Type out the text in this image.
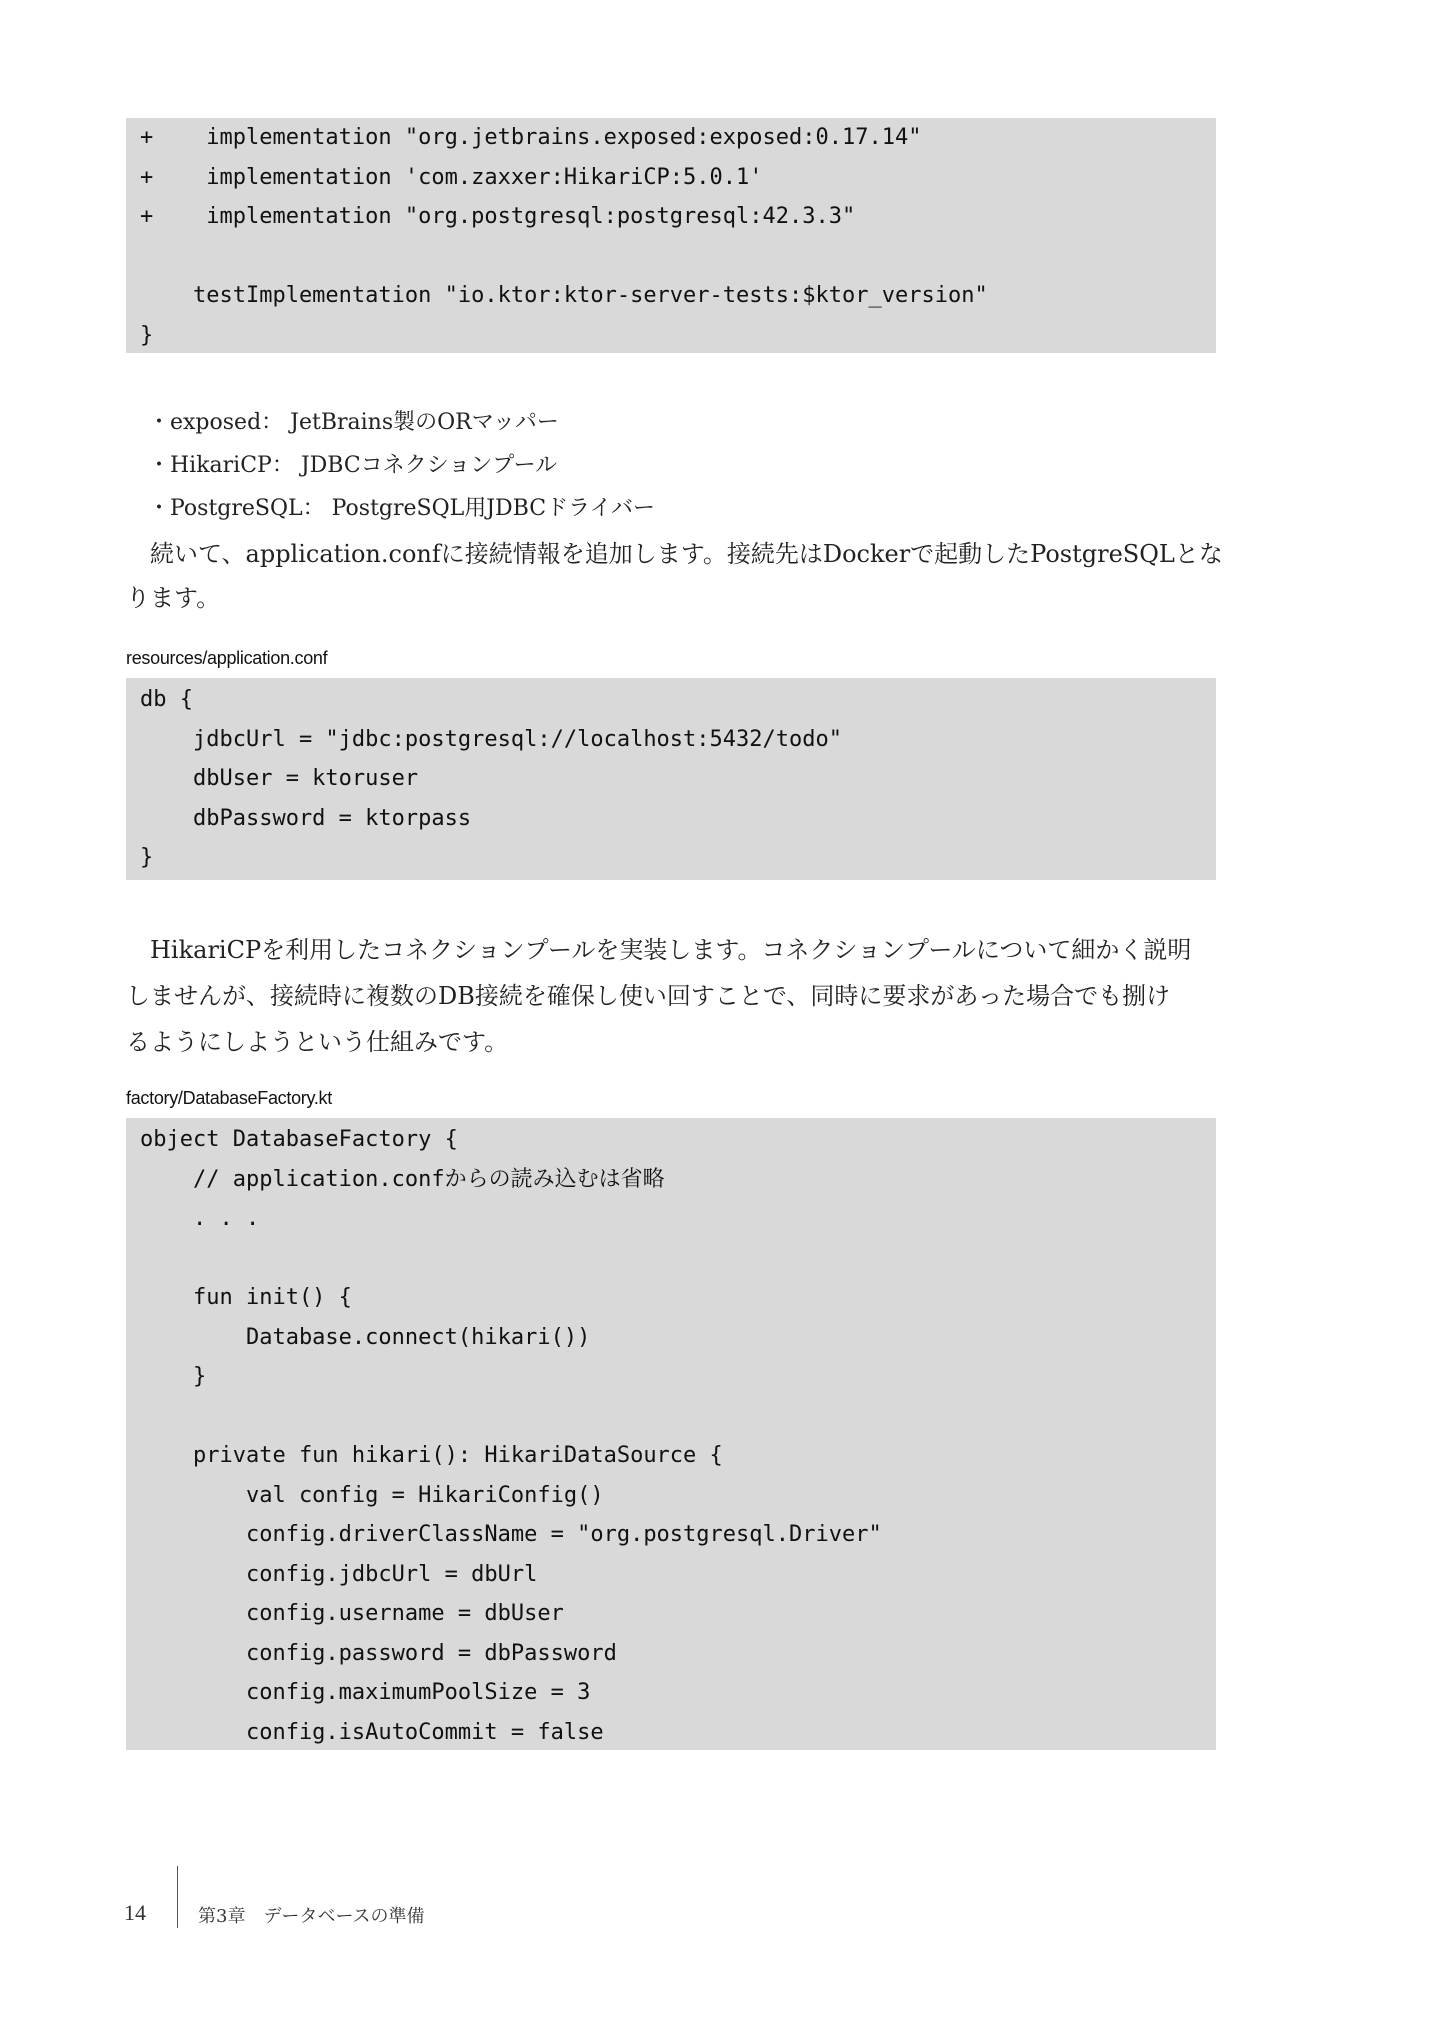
+    implementation "org.jetbrains.exposed:exposed:0.17.14"
+    implementation 'com.zaxxer:HikariCP:5.0.1'
+    implementation "org.postgresql:postgresql:42.3.3"
testImplementation "io.ktor:ktor-server-tests:$ktor_version"
}
・exposed： JetBrains製のORマッパー
・HikariCP： JDBCコネクションプール
・PostgreSQL： PostgreSQL用JDBCドライバー
続いて、application.confに接続情報を追加します。接続先はDockerで起動したPostgreSQLとな
ります。
resources/application.conf
db {
jdbcUrl = "jdbc:postgresql://localhost:5432/todo"
dbUser = ktoruser
dbPassword = ktorpass
}
HikariCPを利用したコネクションプールを実装します。コネクションプールについて細かく説明
しませんが、接続時に複数のDB接続を確保し使い回すことで、同時に要求があった場合でも捌け
るようにしようという仕組みです。
factory/DatabaseFactory.kt
object DatabaseFactory {
// application.confからの読み込むは省略
. . .
fun init() {
Database.connect(hikari())
}
private fun hikari(): HikariDataSource {
val config = HikariConfig()
config.driverClassName = "org.postgresql.Driver"
config.jdbcUrl = dbUrl
config.username = dbUser
config.password = dbPassword
config.maximumPoolSize = 3
config.isAutoCommit = false
14	第3章　データベースの準備
